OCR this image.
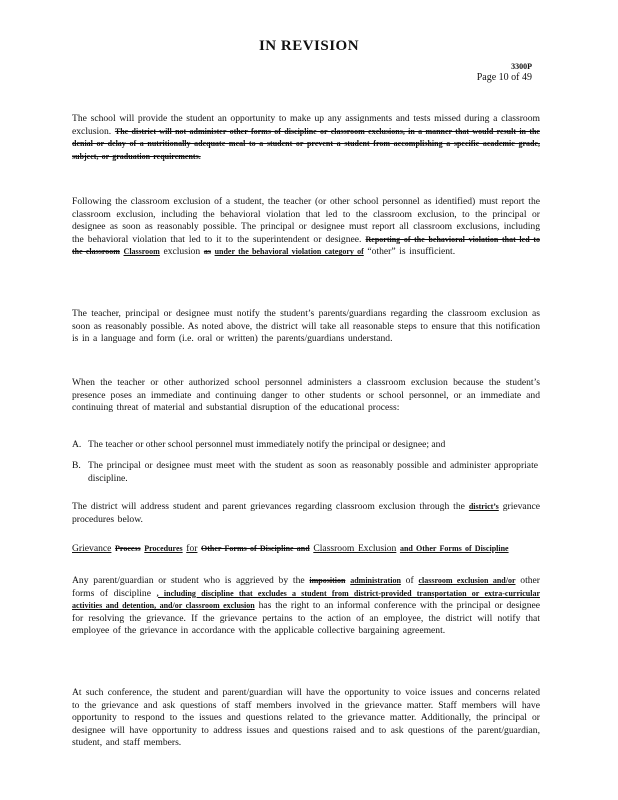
IN REVISION
3300P
Page 10 of 49
The school will provide the student an opportunity to make up any assignments and tests missed during a classroom exclusion. The district will not administer other forms of discipline or classroom exclusions, in a manner that would result in the denial or delay of a nutritionally adequate meal to a student or prevent a student from accomplishing a specific academic grade, subject, or graduation requirements.
Following the classroom exclusion of a student, the teacher (or other school personnel as identified) must report the classroom exclusion, including the behavioral violation that led to the classroom exclusion, to the principal or designee as soon as reasonably possible. The principal or designee must report all classroom exclusions, including the behavioral violation that led to it to the superintendent or designee. Reporting of the behavioral violation that led to the classroom Classroom exclusion as under the behavioral violation category of “other” is insufficient.
The teacher, principal or designee must notify the student’s parents/guardians regarding the classroom exclusion as soon as reasonably possible. As noted above, the district will take all reasonable steps to ensure that this notification is in a language and form (i.e. oral or written) the parents/guardians understand.
When the teacher or other authorized school personnel administers a classroom exclusion because the student’s presence poses an immediate and continuing danger to other students or school personnel, or an immediate and continuing threat of material and substantial disruption of the educational process:
A. The teacher or other school personnel must immediately notify the principal or designee; and
B. The principal or designee must meet with the student as soon as reasonably possible and administer appropriate discipline.
The district will address student and parent grievances regarding classroom exclusion through the district’s grievance procedures below.
Grievance Process Procedures for Other Forms of Discipline and Classroom Exclusion and Other Forms of Discipline
Any parent/guardian or student who is aggrieved by the imposition administration of classroom exclusion and/or other forms of discipline , including discipline that excludes a student from district-provided transportation or extra-curricular activities and detention, and/or classroom exclusion has the right to an informal conference with the principal or designee for resolving the grievance. If the grievance pertains to the action of an employee, the district will notify that employee of the grievance in accordance with the applicable collective bargaining agreement.
At such conference, the student and parent/guardian will have the opportunity to voice issues and concerns related to the grievance and ask questions of staff members involved in the grievance matter. Staff members will have opportunity to respond to the issues and questions related to the grievance matter. Additionally, the principal or designee will have opportunity to address issues and questions raised and to ask questions of the parent/guardian, student, and staff members.
